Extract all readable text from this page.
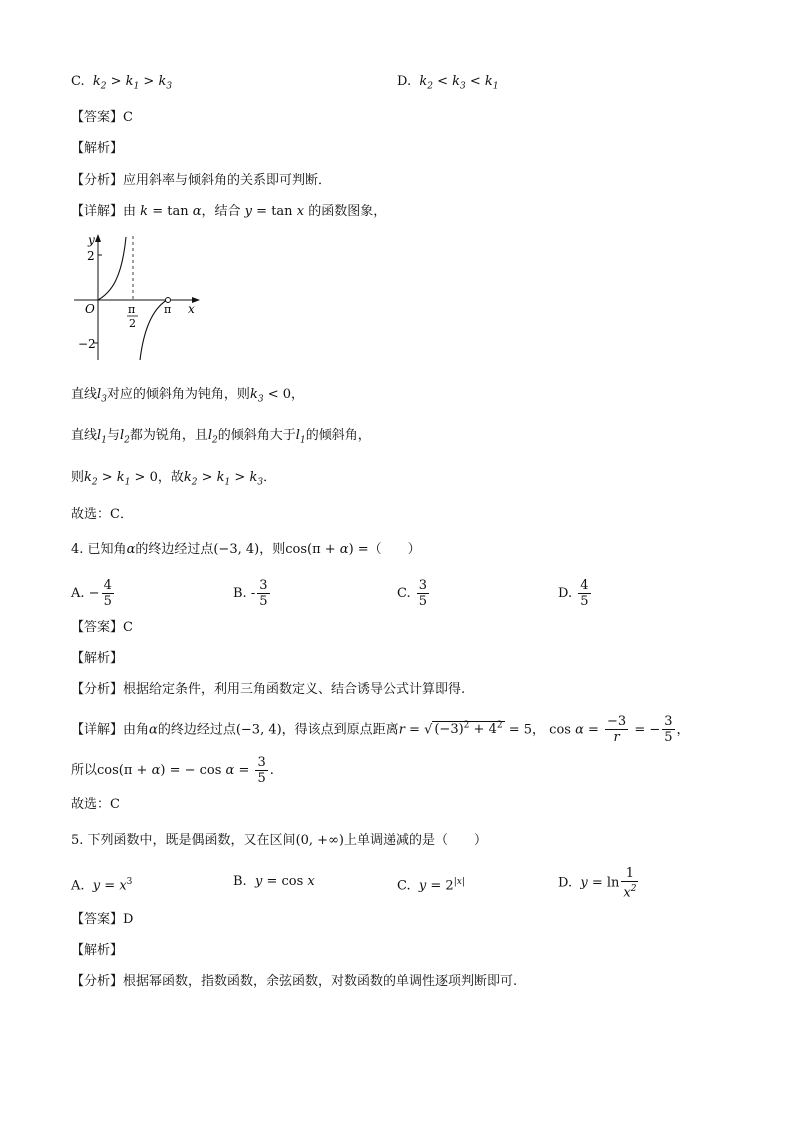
C.  $k_2 > k_1 > k_3$	D.  $k_2 < k_3 < k_1$
【答案】C
【解析】
【分析】应用斜率与倾斜角的关系即可判断．
【详解】由 k = tan α，结合 y = tan x 的函数图象，
y
x
O
2
−2
π
2
π
直线$l_3$对应的倾斜角为钝角，则$k_3 < 0$，
直线$l_1$与$l_2$都为锐角，且$l_2$的倾斜角大于$l_1$的倾斜角，
则$k_2 > k_1 > 0$，故$k_2 > k_1 > k_3$．
故选：C．
4. 已知角α的终边经过点(−3, 4)，则cos(π + α) =（　　）
A. − $\frac{4}{5}$	B. - $\frac{3}{5}$	C. $\frac{3}{5}$	D. $\frac{4}{5}$
【答案】C
【解析】
【分析】根据给定条件，利用三角函数定义、结合诱导公式计算即得.
【详解】由角α的终边经过点(−3, 4)，得该点到原点距离r = √ $(-3)^2 + 4^2 = 5$， $\cos \alpha = \frac{-3}{r}$ = − $\frac{3}{5}$ ，
所以cos(π + α) = − $\cos \alpha = \frac{3}{5}$ .
故选：C
5. 下列函数中，既是偶函数，又在区间(0, +∞)上单调递减的是（　　）
A. $y = x^3$	B. y = cos x	C. $y = 2^{|x|}$	D. $y = \ln \frac{1}{x^2}$
【答案】D
【解析】
【分析】根据幂函数，指数函数，余弦函数，对数函数的单调性逐项判断即可.
